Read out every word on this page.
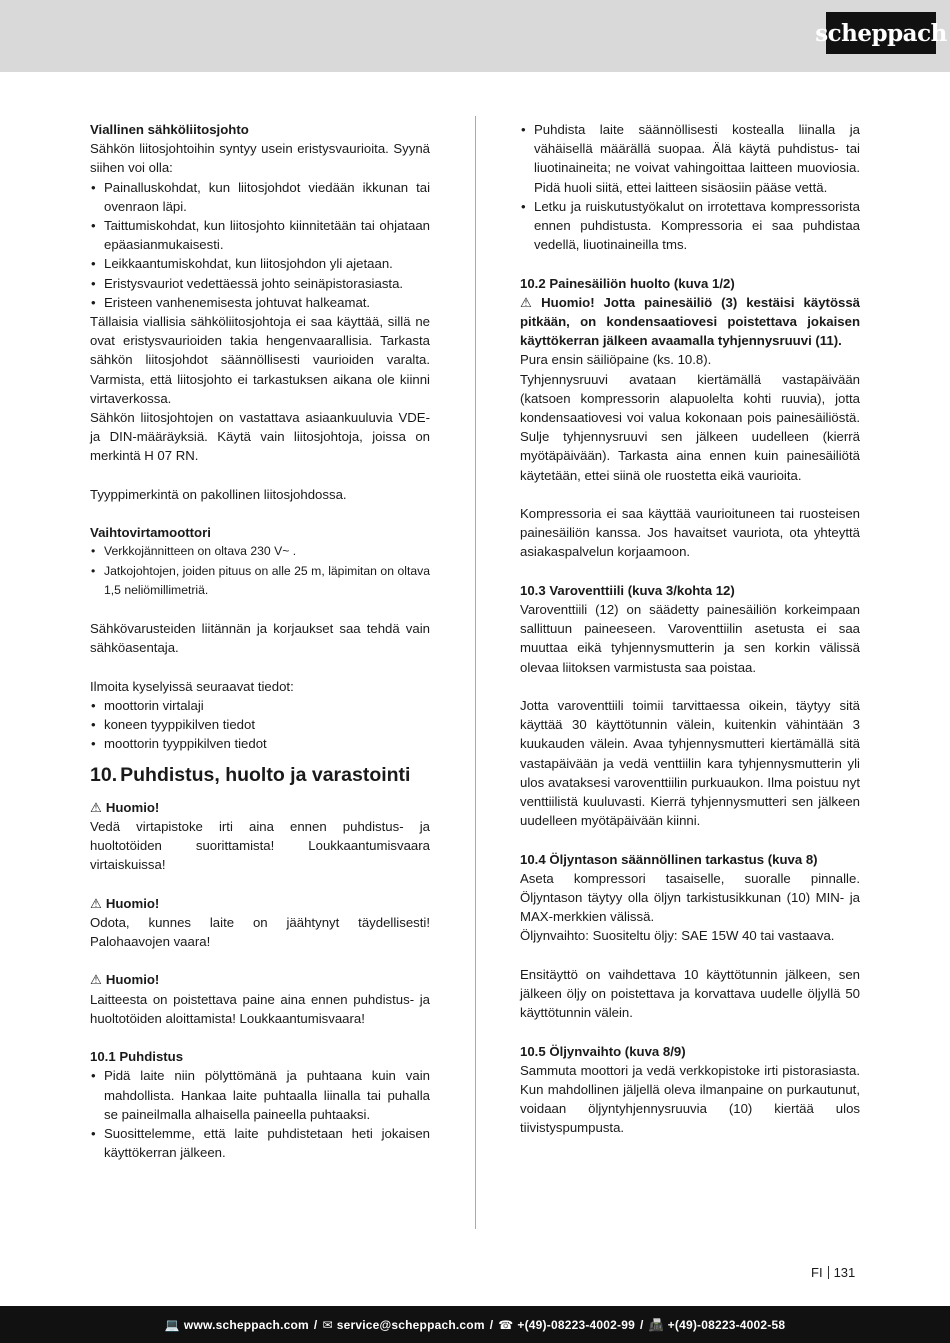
scheppach

Viallinen sähköliitosjohto

Sähkön liitosjohtoihin syntyy usein eristysvaurioita. Syynä siihen voi olla:

• Painalluskohdat, kun liitosjohdot viedään ikkunan tai ovenraon läpi.
• Taittumiskohdat, kun liitosjohto kiinnitetään tai ohjataan epäasianmukaisesti.
• Leikkaantumiskohdat, kun liitosjohdon yli ajetaan.
• Eristysvauriot vedettäessä johto seinäpistorasiasta.
• Eristeen vanhenemisesta johtuvat halkeamat.

Tällaisia viallisia sähköliitosjohtoja ei saa käyttää, sillä ne ovat eristysvaurioiden takia hengenvaarallisia. Tarkasta sähkön liitosjohdot säännöllisesti vaurioiden varalta. Varmista, että liitosjohto ei tarkastuksen aikana ole kiinni virtaverkossa.

Sähkön liitosjohtojen on vastattava asiaankuuluvia VDE- ja DIN-määräyksiä. Käytä vain liitosjohtoja, joissa on merkintä H 07 RN.

Tyyppimerkintä on pakollinen liitosjohdossa.

Vaihtovirtamoottori

• Verkkojännitteen on oltava 230 V~ .
• Jatkojohtojen, joiden pituus on alle 25 m, läpimitan on oltava 1,5 neliömillimetriä.

Sähkövarusteiden liitännän ja korjaukset saa tehdä vain sähköasentaja.

Ilmoita kyselyissä seuraavat tiedot:

• moottorin virtalaji
• koneen tyyppikilven tiedot
• moottorin tyyppikilven tiedot
10. Puhdistus, huolto ja varastointi

⚠ Huomio!

Vedä virtapistoke irti aina ennen puhdistus- ja huoltotöiden suorittamista! Loukkaantumisvaara virtaiskuissa!

⚠ Huomio!

Odota, kunnes laite on jäähtynyt täydellisesti! Palohaavojen vaara!

⚠ Huomio!

Laitteesta on poistettava paine aina ennen puhdistus- ja huoltotöiden aloittamista! Loukkaantumisvaara!

10.1 Puhdistus

• Pidä laite niin pölyttömänä ja puhtaana kuin vain mahdollista. Hankaa laite puhtaalla liinalla tai puhalla se paineilmalla alhaisella paineella puhtaaksi.
• Suosittelemme, että laite puhdistetaan heti jokaisen käyttökerran jälkeen.
• Puhdista laite säännöllisesti kostealla liinalla ja vähäisellä määrällä suopaa. Älä käytä puhdistus- tai liuotinaineita; ne voivat vahingoittaa laitteen muoviosia. Pidä huoli siitä, ettei laitteen sisäosiin pääse vettä.
• Letku ja ruiskutustyökalut on irrotettava kompressorista ennen puhdistusta. Kompressoria ei saa puhdistaa vedellä, liuotinaineilla tms.

10.2 Painesäiliön huolto (kuva 1/2)

⚠ Huomio! Jotta painesäiliö (3) kestäisi käytössä pitkään, on kondensaatiovesi poistettava jokaisen käyttökerran jälkeen avaamalla tyhjennysruuvi (11).

Pura ensin säiliöpaine (ks. 10.8).

Tyhjennysruuvi avataan kiertämällä vastapäivään (katsoen kompressorin alapuolelta kohti ruuvia), jotta kondensaatiovesi voi valua kokonaan pois painesäiliöstä. Sulje tyhjennysruuvi sen jälkeen uudelleen (kierrä myötäpäivään). Tarkasta aina ennen kuin painesäiliötä käytetään, ettei siinä ole ruostetta eikä vaurioita.

Kompressoria ei saa käyttää vaurioituneen tai ruosteisen painesäiliön kanssa. Jos havaitset vauriota, ota yhteyttä asiakaspalvelun korjaamoon.

10.3 Varoventtiili (kuva 3/kohta 12)

Varoventtiili (12) on säädetty painesäiliön korkeimpaan sallittuun paineeseen. Varoventtiilin asetusta ei saa muuttaa eikä tyhjennysmutterin ja sen korkin välissä olevaa liitoksen varmistusta saa poistaa.

Jotta varoventtiili toimii tarvittaessa oikein, täytyy sitä käyttää 30 käyttötunnin välein, kuitenkin vähintään 3 kuukauden välein. Avaa tyhjennysmutteri kiertämällä sitä vastapäivään ja vedä venttiilin kara tyhjennysmutterin yli ulos avataksesi varoventtiilin purkuaukon. Ilma poistuu nyt venttiilistä kuuluvasti. Kierrä tyhjennysmutteri sen jälkeen uudelleen myötäpäivään kiinni.

10.4 Öljyntason säännöllinen tarkastus (kuva 8)

Aseta kompressori tasaiselle, suoralle pinnalle. Öljyntason täytyy olla öljyn tarkistusikkunan (10) MIN- ja MAX-merkkien välissä.

Öljynvaihto: Suositeltu öljy: SAE 15W 40 tai vastaava.

Ensitäyttö on vaihdettava 10 käyttötunnin jälkeen, sen jälkeen öljy on poistettava ja korvattava uudelle öljyllä 50 käyttötunnin välein.

10.5 Öljynvaihto (kuva 8/9)

Sammuta moottori ja vedä verkkopistoke irti pistorasiasta. Kun mahdollinen jäljellä oleva ilmanpaine on purkautunut, voidaan öljyntyhjennysruuvia (10) kiertää ulos tiivistyspumpusta.

FI 131
💻 www.scheppach.com / ✉ service@scheppach.com / ☎ +(49)-08223-4002-99 / 📠 +(49)-08223-4002-58
